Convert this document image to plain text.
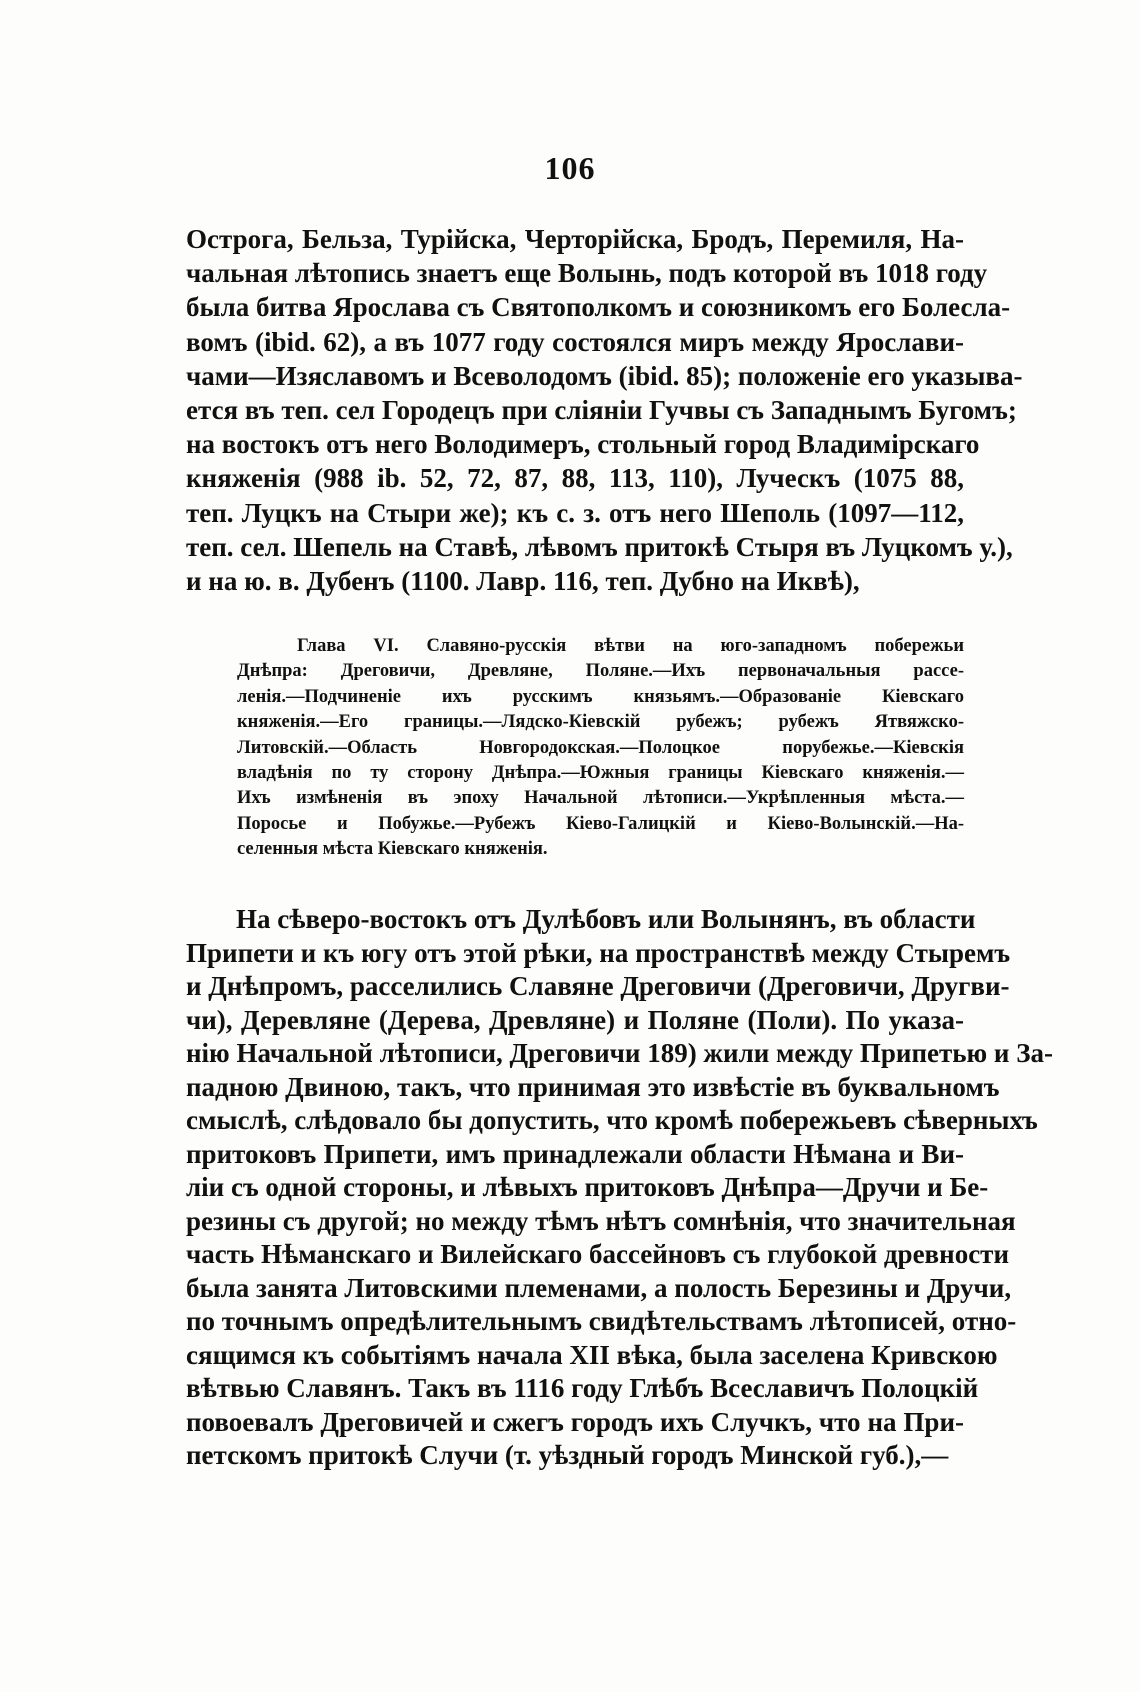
106
Острога, Бельза, Турійска, Черторійска, Бродъ, Перемиля, На-
чальная лѣтопись знаетъ еще Волынь, подъ которой въ 1018 году
была битва Ярослава съ Святополкомъ и союзникомъ его Болесла-
вомъ (ibid. 62), а въ 1077 году состоялся миръ между Ярослави-
чами—Изяславомъ и Всеволодомъ (ibid. 85); положеніе его указыва-
ется въ теп. сел Городецъ при сліяніи Гучвы съ Западнымъ Бугомъ;
на востокъ отъ него Володимеръ, стольный город Владимірскаго
княженія (988 ib. 52, 72, 87, 88, 113, 110), Луческъ (1075 88,
теп. Луцкъ на Стыри же); къ с. з. отъ него Шеполь (1097—112,
теп. сел. Шепель на Ставѣ, лѣвомъ притокѣ Стыря въ Луцкомъ у.),
и на ю. в. Дубенъ (1100. Лавр. 116, теп. Дубно на Иквѣ),
Глава VI. Славяно-русскія вѣтви на юго-западномъ побережьи
Днѣпра: Дреговичи, Древляне, Поляне.—Ихъ первоначальныя рассе-
ленія.—Подчиненіе ихъ русскимъ князьямъ.—Образованіе Кіевскаго
княженія.—Его границы.—Лядско-Кіевскій рубежъ; рубежъ Ятвяжско-
Литовскій.—Область Новгородокская.—Полоцкое порубежье.—Кіевскія
владѣнія по ту сторону Днѣпра.—Южныя границы Кіевскаго княженія.—
Ихъ измѣненія въ эпоху Начальной лѣтописи.—Укрѣпленныя мѣста.—
Поросье и Побужье.—Рубежъ Кіево-Галицкій и Кіево-Волынскій.—На-
селенныя мѣста Кіевскаго княженія.
На сѣверо-востокъ отъ Дулѣбовъ или Волынянъ, въ области
Припети и къ югу отъ этой рѣки, на пространствѣ между Стыремъ
и Днѣпромъ, расселились Славяне Дреговичи (Дреговичи, Другви-
чи), Деревляне (Дерева, Древляне) и Поляне (Поли). По указа-
нію Начальной лѣтописи, Дреговичи 189) жили между Припетью и За-
падною Двиною, такъ, что принимая это извѣстіе въ буквальномъ
смыслѣ, слѣдовало бы допустить, что кромѣ побережьевъ сѣверныхъ
притоковъ Припети, имъ принадлежали области Нѣмана и Ви-
ліи съ одной стороны, и лѣвыхъ притоковъ Днѣпра—Дручи и Бе-
резины съ другой; но между тѣмъ нѣтъ сомнѣнія, что значительная
часть Нѣманскаго и Вилейскаго бассейновъ съ глубокой древности
была занята Литовскими племенами, а полость Березины и Дручи,
по точнымъ опредѣлительнымъ свидѣтельствамъ лѣтописей, отно-
сящимся къ событіямъ начала XII вѣка, была заселена Кривскою
вѣтвью Славянъ. Такъ въ 1116 году Глѣбъ Всеславичъ Полоцкій
повоевалъ Дреговичей и сжегъ городъ ихъ Случкъ, что на При-
петскомъ притокѣ Случи (т. уѣздный городъ Минской губ.),—
